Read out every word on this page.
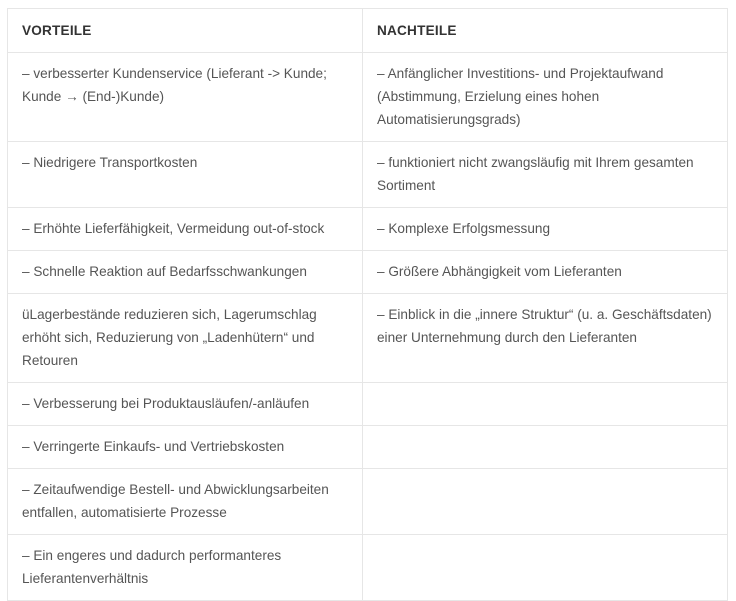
VORTEILE	NACHTEILE
– verbesserter Kundenservice (Lieferant -> Kunde; Kunde → (End-)Kunde)	– Anfänglicher Investitions- und Projektaufwand (Abstimmung, Erzielung eines hohen Automatisierungsgrads)
– Niedrigere Transportkosten	– funktioniert nicht zwangsläufig mit Ihrem gesamten Sortiment
– Erhöhte Lieferfähigkeit, Vermeidung out-of-stock	– Komplexe Erfolgsmessung
– Schnelle Reaktion auf Bedarfsschwankungen	– Größere Abhängigkeit vom Lieferanten
üLagerbestände reduzieren sich, Lagerumschlag erhöht sich, Reduzierung von „Ladenhütern“ und Retouren	– Einblick in die „innere Struktur“ (u. a. Geschäftsdaten) einer Unternehmung durch den Lieferanten
– Verbesserung bei Produktausläufen/-anläufen	
– Verringerte Einkaufs- und Vertriebskosten	
– Zeitaufwendige Bestell- und Abwicklungsarbeiten entfallen, automatisierte Prozesse	
– Ein engeres und dadurch performanteres Lieferantenverhältnis	
